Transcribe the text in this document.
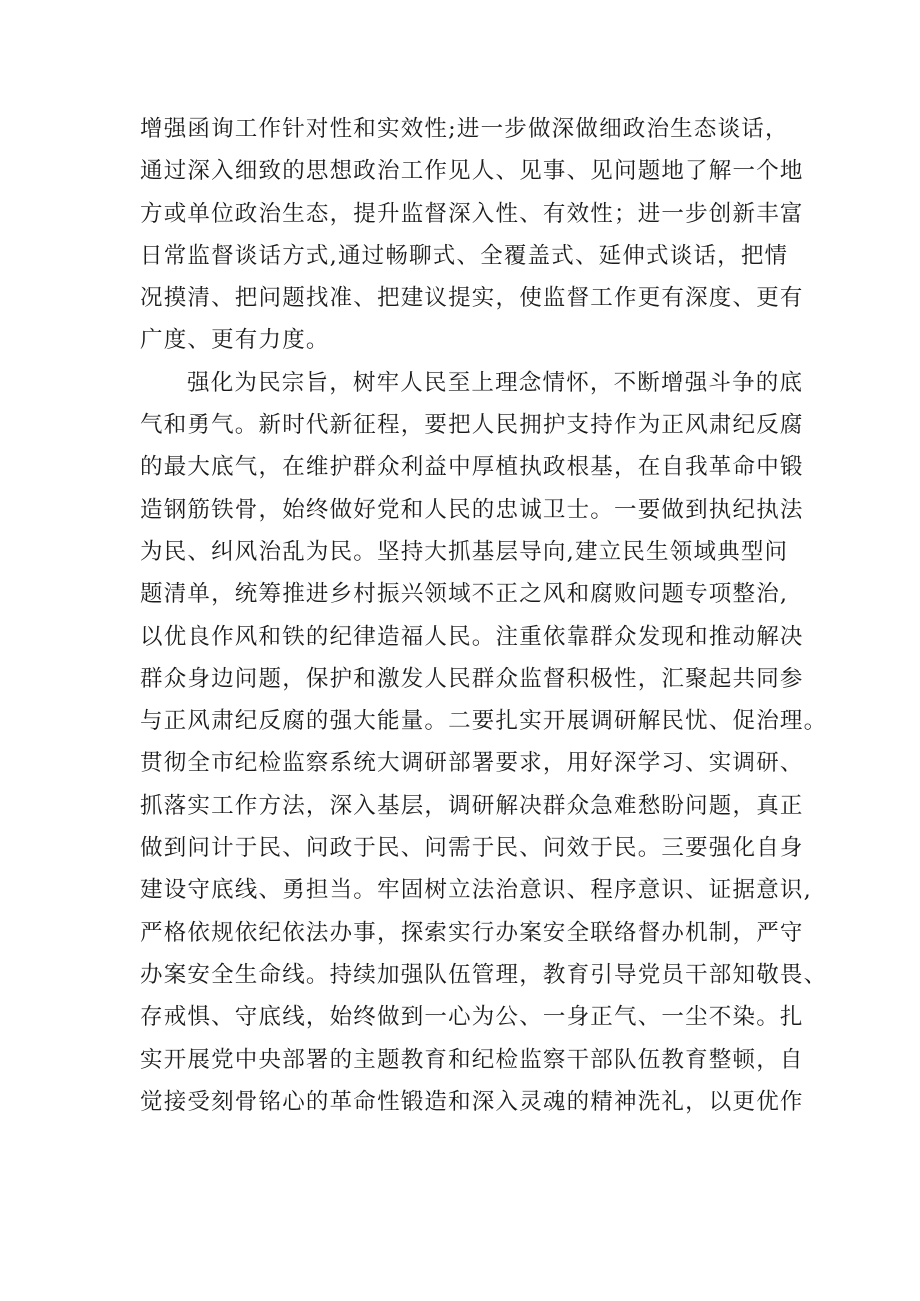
增强函询工作针对性和实效性;进一步做深做细政治生态谈话，
通过深入细致的思想政治工作见人、见事、见问题地了解一个地
方或单位政治生态，提升监督深入性、有效性；进一步创新丰富
日常监督谈话方式,通过畅聊式、全覆盖式、延伸式谈话，把情
况摸清、把问题找准、把建议提实，使监督工作更有深度、更有
广度、更有力度。
强化为民宗旨，树牢人民至上理念情怀，不断增强斗争的底
气和勇气。新时代新征程，要把人民拥护支持作为正风肃纪反腐
的最大底气，在维护群众利益中厚植执政根基，在自我革命中锻
造钢筋铁骨，始终做好党和人民的忠诚卫士。一要做到执纪执法
为民、纠风治乱为民。坚持大抓基层导向,建立民生领域典型问
题清单，统筹推进乡村振兴领域不正之风和腐败问题专项整治,
以优良作风和铁的纪律造福人民。注重依靠群众发现和推动解决
群众身边问题，保护和激发人民群众监督积极性，汇聚起共同参
与正风肃纪反腐的强大能量。二要扎实开展调研解民忧、促治理。
贯彻全市纪检监察系统大调研部署要求，用好深学习、实调研、
抓落实工作方法，深入基层，调研解决群众急难愁盼问题，真正
做到问计于民、问政于民、问需于民、问效于民。三要强化自身
建设守底线、勇担当。牢固树立法治意识、程序意识、证据意识,
严格依规依纪依法办事，探索实行办案安全联络督办机制，严守
办案安全生命线。持续加强队伍管理，教育引导党员干部知敬畏、
存戒惧、守底线，始终做到一心为公、一身正气、一尘不染。扎
实开展党中央部署的主题教育和纪检监察干部队伍教育整顿，自
觉接受刻骨铭心的革命性锻造和深入灵魂的精神洗礼，以更优作
